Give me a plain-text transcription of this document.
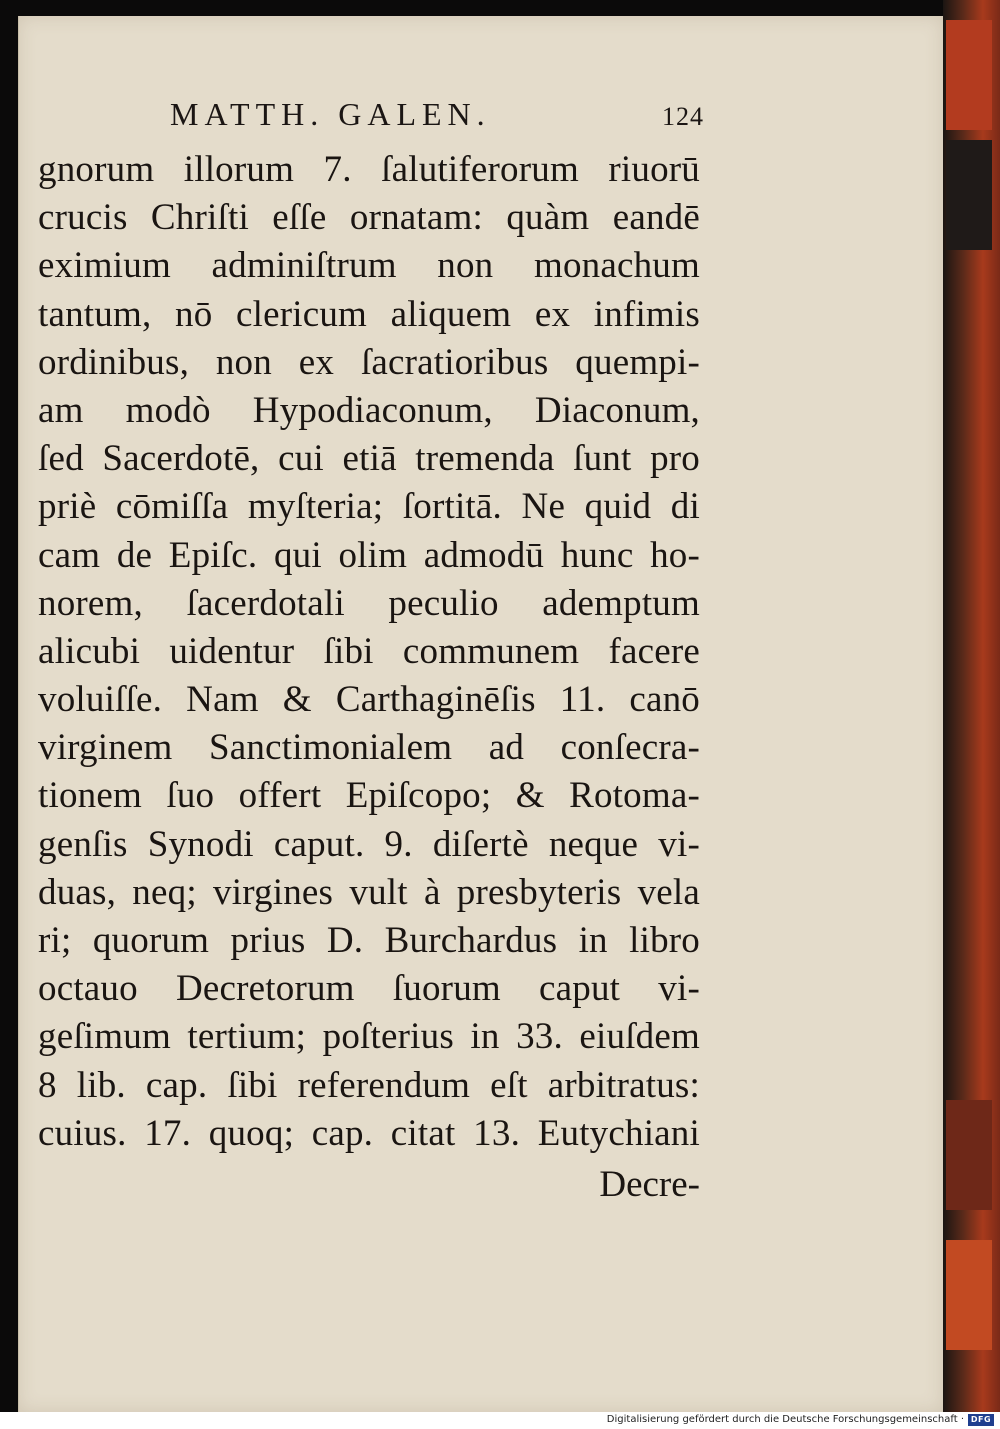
MATTH. GALEN.	124
gnorum illorum 7. ſalutiferorum riuorū
crucis Chriſti eſſe ornatam: quàm eandē
eximium adminiſtrum non monachum
tantum, nō clericum aliquem ex infimis
ordinibus, non ex ſacratioribus quempi-
am modò Hypodiaconum, Diaconum,
ſed Sacerdotē, cui etiā tremenda ſunt pro
priè cōmiſſa myſteria; ſortitā. Ne quid di
cam de Epiſc. qui olim admodū hunc ho-
norem, ſacerdotali peculio ademptum
alicubi uidentur ſibi communem facere
voluiſſe. Nam & Carthaginēſis 11. canō
virginem Sanctimonialem ad conſecra-
tionem ſuo offert Epiſcopo; & Rotoma-
genſis Synodi caput. 9. diſertè neque vi-
duas, neq; virgines vult à presbyteris vela
ri; quorum prius D. Burchardus in libro
octauo Decretorum ſuorum caput vi-
geſimum tertium; poſterius in 33. eiuſdem
8 lib. cap. ſibi referendum eſt arbitratus:
cuius. 17. quoq; cap. citat 13. Eutychiani
Decre-
Digitalisierung gefördert durch die Deutsche Forschungsgemeinschaft · DFG
